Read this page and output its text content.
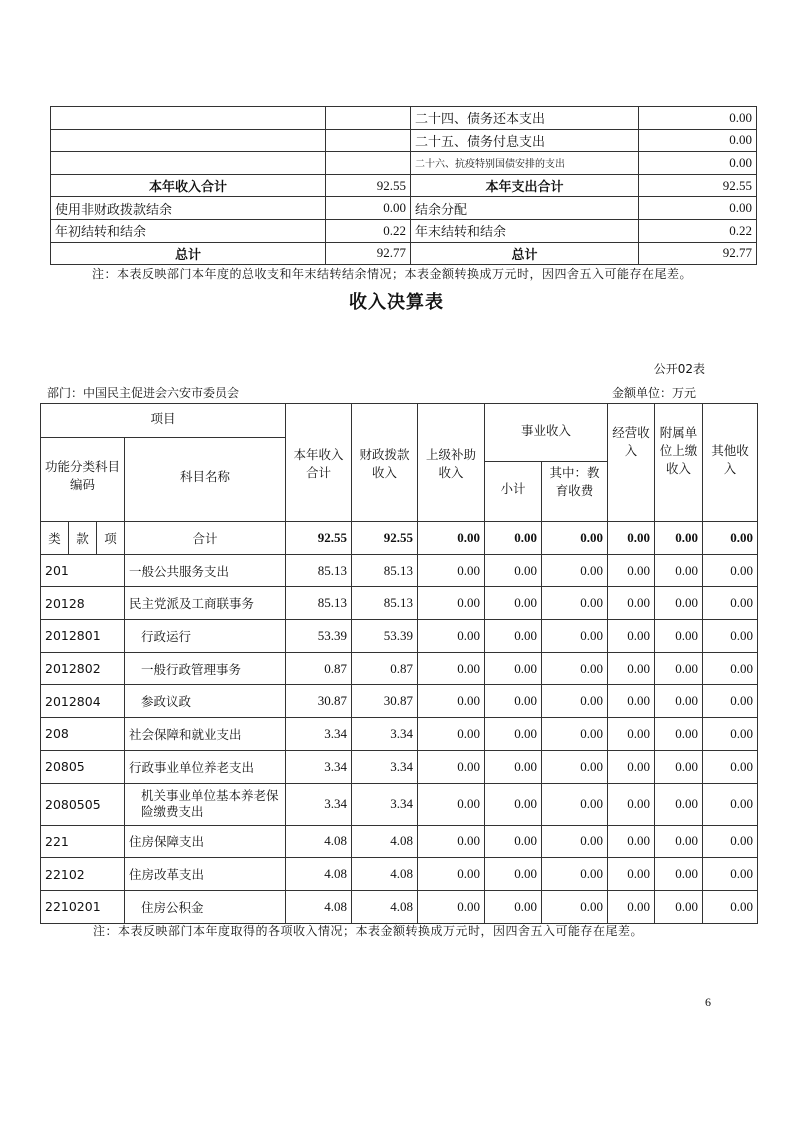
		二十四、债务还本支出	0.00
		二十五、债务付息支出	0.00
		二十六、抗疫特别国债安排的支出	0.00
本年收入合计	92.55	本年支出合计	92.55
使用非财政拨款结余	0.00	结余分配	0.00
年初结转和结余	0.22	年末结转和结余	0.22
总计	92.77	总计	92.77
注：本表反映部门本年度的总收支和年末结转结余情况；本表金额转换成万元时，因四舍五入可能存在尾差。
收入决算表
公开02表
部门：中国民主促进会六安市委员会	金额单位：万元
项目				本年收入合计	财政拨款收入	上级补助收入	事业收入		经营收入	附属单位上缴收入	其他收入
功能分类科目编码			科目名称								
							小计	其中：教育收费			
类	款	项	合计	92.55	92.55	0.00	0.00	0.00	0.00	0.00	0.00
201			一般公共服务支出	85.13	85.13	0.00	0.00	0.00	0.00	0.00	0.00
20128			民主党派及工商联事务	85.13	85.13	0.00	0.00	0.00	0.00	0.00	0.00
2012801			行政运行	53.39	53.39	0.00	0.00	0.00	0.00	0.00	0.00
2012802			一般行政管理事务	0.87	0.87	0.00	0.00	0.00	0.00	0.00	0.00
2012804			参政议政	30.87	30.87	0.00	0.00	0.00	0.00	0.00	0.00
208			社会保障和就业支出	3.34	3.34	0.00	0.00	0.00	0.00	0.00	0.00
20805			行政事业单位养老支出	3.34	3.34	0.00	0.00	0.00	0.00	0.00	0.00
2080505			机关事业单位基本养老保险缴费支出	3.34	3.34	0.00	0.00	0.00	0.00	0.00	0.00
221			住房保障支出	4.08	4.08	0.00	0.00	0.00	0.00	0.00	0.00
22102			住房改革支出	4.08	4.08	0.00	0.00	0.00	0.00	0.00	0.00
2210201			住房公积金	4.08	4.08	0.00	0.00	0.00	0.00	0.00	0.00
注：本表反映部门本年度取得的各项收入情况；本表金额转换成万元时，因四舍五入可能存在尾差。
6
